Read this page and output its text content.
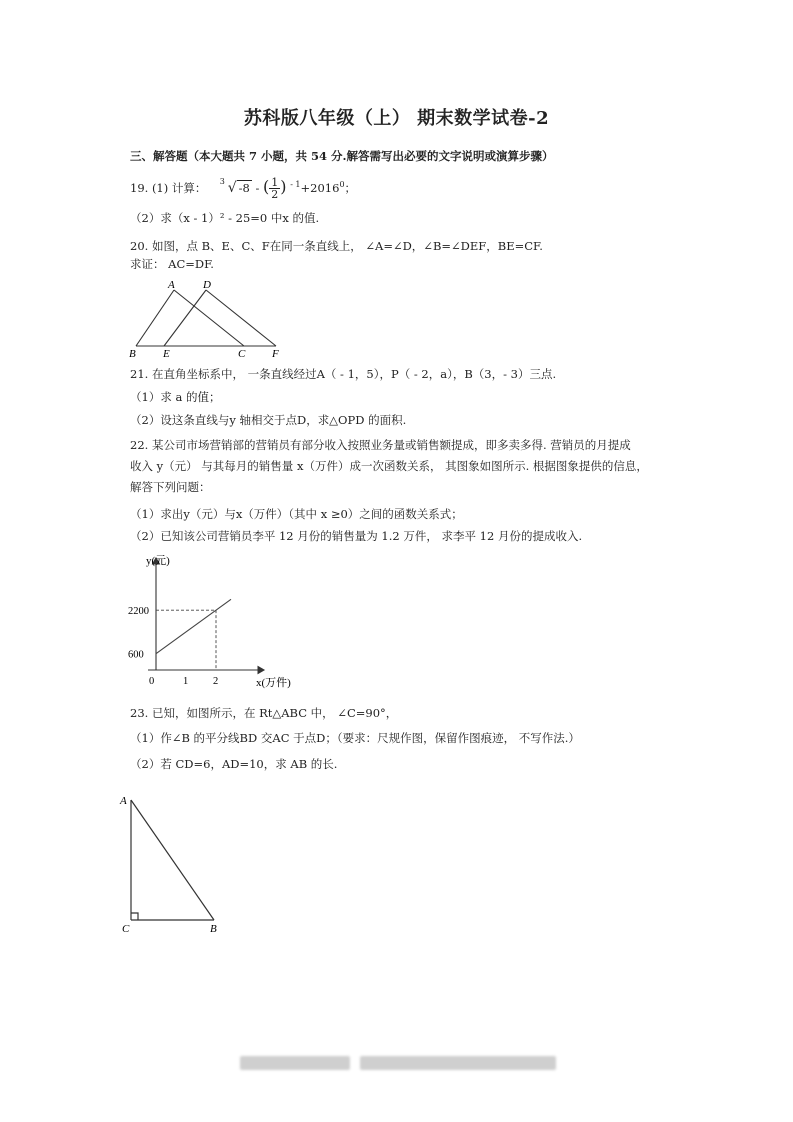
苏科版八年级（上） 期末数学试卷-2
三、解答题（本大题共 7 小题，共 54 分.解答需写出必要的文字说明或演算步骤）
19. (1) 计算： 3 √ -8 - ( $\frac{1}{2}$ ) $^{- 1}+2016^0$；
（2）求（x - 1）² - 25=0 中x 的值.
20. 如图，点 B、E、C、F在同一条直线上， ∠A=∠D，∠B=∠DEF，BE=CF.
求证： AC=DF.
A	D
B E	C F
21. 在直角坐标系中， 一条直线经过A（ - 1，5），P（ - 2，a），B（3，- 3）三点.
（1）求 a 的值；
（2）设这条直线与y 轴相交于点D，求△OPD 的面积.
22. 某公司市场营销部的营销员有部分收入按照业务量或销售额提成，即多卖多得. 营销员的月提成
收入 y（元） 与其每月的销售量 x（万件）成一次函数关系， 其图象如图所示. 根据图象提供的信息，
解答下列问题：
（1）求出y（元）与x（万件）（其中 x ≥0）之间的函数关系式；
（2）已知该公司营销员李平 12 月份的销售量为 1.2 万件， 求李平 12 月份的提成收入.
y(元)
x(万件)
0	1 2
600
2200
23. 已知，如图所示，在 Rt△ABC 中， ∠C=90°，
（1）作∠B 的平分线BD 交AC 于点D；（要求：尺规作图，保留作图痕迹， 不写作法.）
（2）若 CD=6，AD=10，求 AB 的长.
A
C	B
